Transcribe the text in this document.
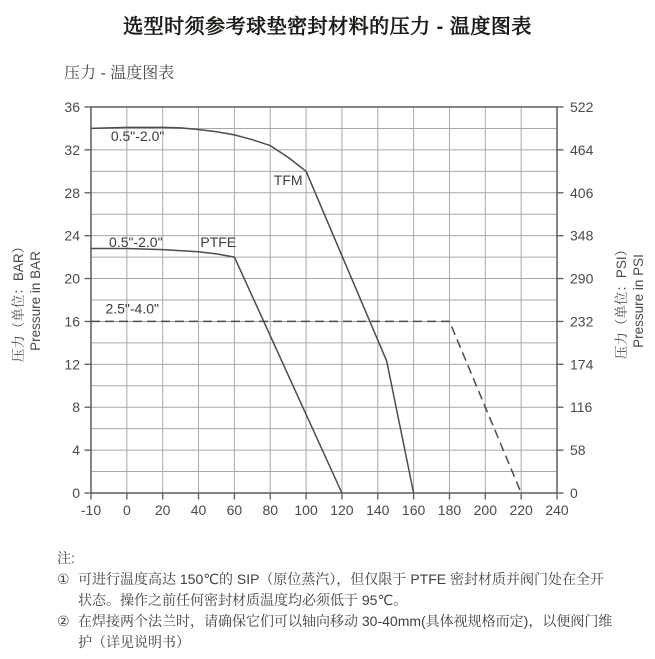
选型时须参考球垫密封材料的压力 - 温度图表
压力 - 温度图表
36
32
28
24
20
16
12
8
4
0
522
464
406
348
290
232
174
116
58
0
-10 0 20 40 60 80 100 120 140 160 180 200 220 240
0.5"-2.0"
TFM
0.5"-2.0"	PTFE
2.5"-4.0"
压力（单位：BAR） Pressure in BAR	压力（单位：PSI） Pressure in PSI
注:
① 可进行温度高达 150℃的 SIP（原位蒸汽），但仅限于 PTFE 密封材质并阀门处在全开状态。操作之前任何密封材质温度均必须低于 95℃。
② 在焊接两个法兰时，请确保它们可以轴向移动 30-40mm(具体视规格而定)，以便阀门维护（详见说明书）
